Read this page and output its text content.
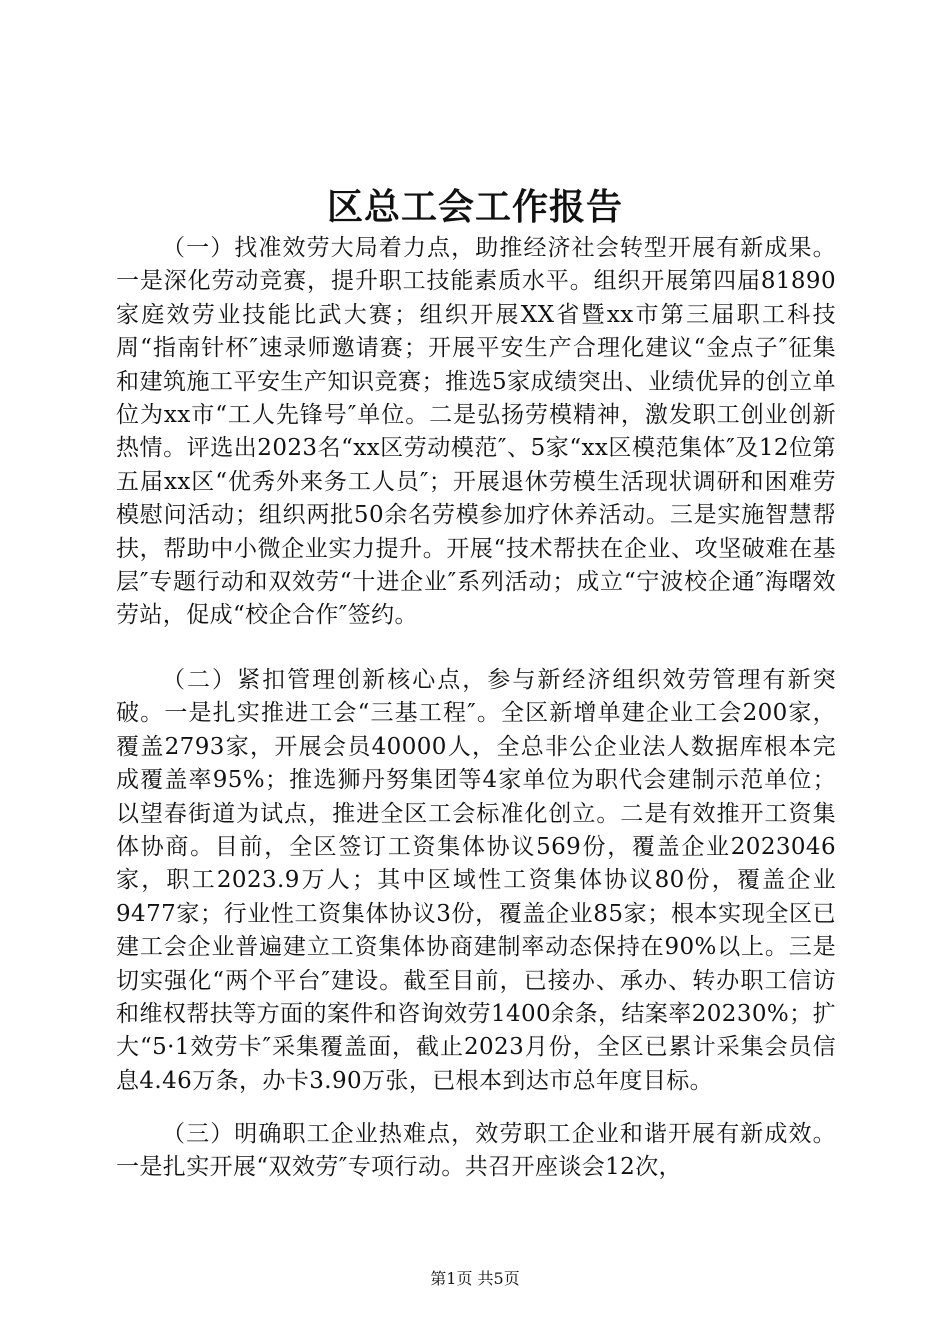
区总工会工作报告

（一）找准效劳大局着力点，助推经济社会转型开展有新成果。一是深化劳动竞赛，提升职工技能素质水平。组织开展第四届81890家庭效劳业技能比武大赛；组织开展XX省暨xx市第三届职工科技周“指南针杯″速录师邀请赛；开展平安生产合理化建议“金点子″征集和建筑施工平安生产知识竞赛；推选5家成绩突出、业绩优异的创立单位为xx市“工人先锋号″单位。二是弘扬劳模精神，激发职工创业创新热情。评选出2023名“xx区劳动模范″、5家“xx区模范集体″及12位第五届xx区“优秀外来务工人员″；开展退休劳模生活现状调研和困难劳模慰问活动；组织两批50余名劳模参加疗休养活动。三是实施智慧帮扶，帮助中小微企业实力提升。开展“技术帮扶在企业、攻坚破难在基层″专题行动和双效劳“十进企业″系列活动；成立“宁波校企通″海曙效劳站，促成“校企合作″签约。

（二）紧扣管理创新核心点，参与新经济组织效劳管理有新突破。一是扎实推进工会“三基工程″。全区新增单建企业工会200家，覆盖2793家，开展会员40000人，全总非公企业法人数据库根本完成覆盖率95%；推选狮丹努集团等4家单位为职代会建制示范单位；以望春街道为试点，推进全区工会标准化创立。二是有效推开工资集体协商。目前，全区签订工资集体协议569份，覆盖企业2023046家，职工2023.9万人；其中区域性工资集体协议80份，覆盖企业9477家；行业性工资集体协议3份，覆盖企业85家；根本实现全区已建工会企业普遍建立工资集体协商建制率动态保持在90%以上。三是切实强化“两个平台″建设。截至目前，已接办、承办、转办职工信访和维权帮扶等方面的案件和咨询效劳1400余条，结案率20230%；扩大“5·1效劳卡″采集覆盖面，截止2023月份，全区已累计采集会员信息4.46万条，办卡3.90万张，已根本到达市总年度目标。

（三）明确职工企业热难点，效劳职工企业和谐开展有新成效。一是扎实开展“双效劳″专项行动。共召开座谈会12次，

第1页 共5页
